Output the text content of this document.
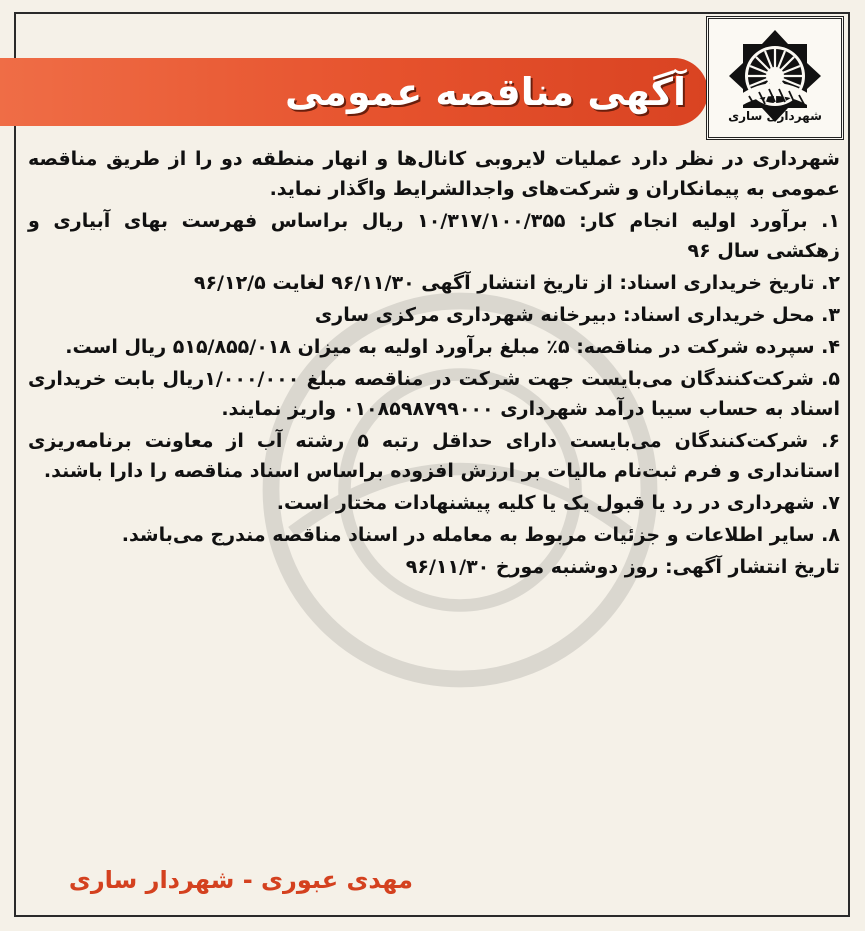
آگهی مناقصه عمومی
شهرداری ساری

شهرداری در نظر دارد عملیات لایروبی کانال‌ها و انهار منطقه دو را از طریق مناقصه عمومی به پیمانکاران و شرکت‌های واجدالشرایط واگذار نماید.

۱. برآورد اولیه انجام کار: ۱۰/۳۱۷/۱۰۰/۳۵۵ ریال براساس فهرست بهای آبیاری و زهکشی سال ۹۶

۲. تاریخ خریداری اسناد: از تاریخ انتشار آگهی ۹۶/۱۱/۳۰ لغایت ۹۶/۱۲/۵

۳. محل خریداری اسناد: دبیرخانه شهرداری مرکزی ساری

۴. سپرده شرکت در مناقصه: ۵٪ مبلغ برآورد اولیه به میزان ۵۱۵/۸۵۵/۰۱۸ ریال است.

۵. شرکت‌کنندگان می‌بایست جهت شرکت در مناقصه مبلغ ۱/۰۰۰/۰۰۰ریال بابت خریداری اسناد به حساب سیبا درآمد شهرداری ۰۱۰۸۵۹۸۷۹۹۰۰۰ واریز نمایند.

۶. شرکت‌کنندگان می‌بایست دارای حداقل رتبه ۵ رشته آب از معاونت برنامه‌ریزی استانداری و فرم ثبت‌نام مالیات بر ارزش افزوده براساس اسناد مناقصه را دارا باشند.

۷. شهرداری در رد یا قبول یک یا کلیه پیشنهادات مختار است.

۸. سایر اطلاعات و جزئیات مربوط به معامله در اسناد مناقصه مندرج می‌باشد.

تاریخ انتشار آگهی: روز دوشنبه مورخ ۹۶/۱۱/۳۰

مهدی عبوری - شهردار ساری
